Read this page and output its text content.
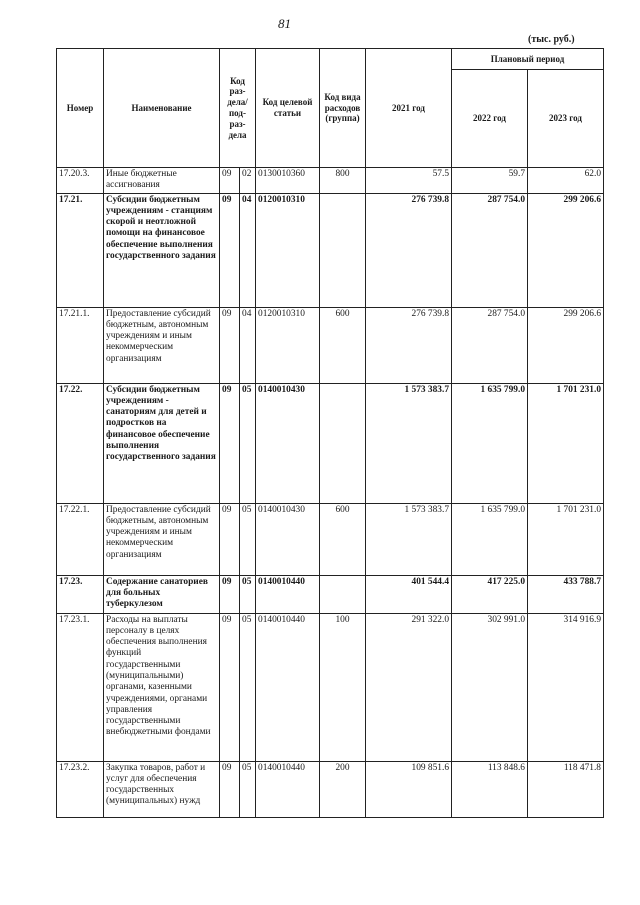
81
(тыс. руб.)
Номер	Наименование	Код раз-дела/ под-раз-дела		Код целевой статьи	Код вида расходов (группа)	2021 год	Плановый период	
							2022 год	2023 год
17.20.3.	Иные бюджетные ассигнования	09	02	0130010360	800	57.5	59.7	62.0
17.21.	Субсидии бюджетным учреждениям - станциям скорой и неотложной помощи на финансовое обеспечение выполнения государственного задания	09	04	0120010310		276 739.8	287 754.0	299 206.6
17.21.1.	Предоставление субсидий бюджетным, автономным учреждениям и иным некоммерческим организациям	09	04	0120010310	600	276 739.8	287 754.0	299 206.6
17.22.	Субсидии бюджетным учреждениям - санаториям для детей и подростков на финансовое обеспечение выполнения государственного задания	09	05	0140010430		1 573 383.7	1 635 799.0	1 701 231.0
17.22.1.	Предоставление субсидий бюджетным, автономным учреждениям и иным некоммерческим организациям	09	05	0140010430	600	1 573 383.7	1 635 799.0	1 701 231.0
17.23.	Содержание санаториев для больных туберкулезом	09	05	0140010440		401 544.4	417 225.0	433 788.7
17.23.1.	Расходы на выплаты персоналу в целях обеспечения выполнения функций государственными (муниципальными) органами, казенными учреждениями, органами управления государственными внебюджетными фондами	09	05	0140010440	100	291 322.0	302 991.0	314 916.9
17.23.2.	Закупка товаров, работ и услуг для обеспечения государственных (муниципальных) нужд	09	05	0140010440	200	109 851.6	113 848.6	118 471.8
